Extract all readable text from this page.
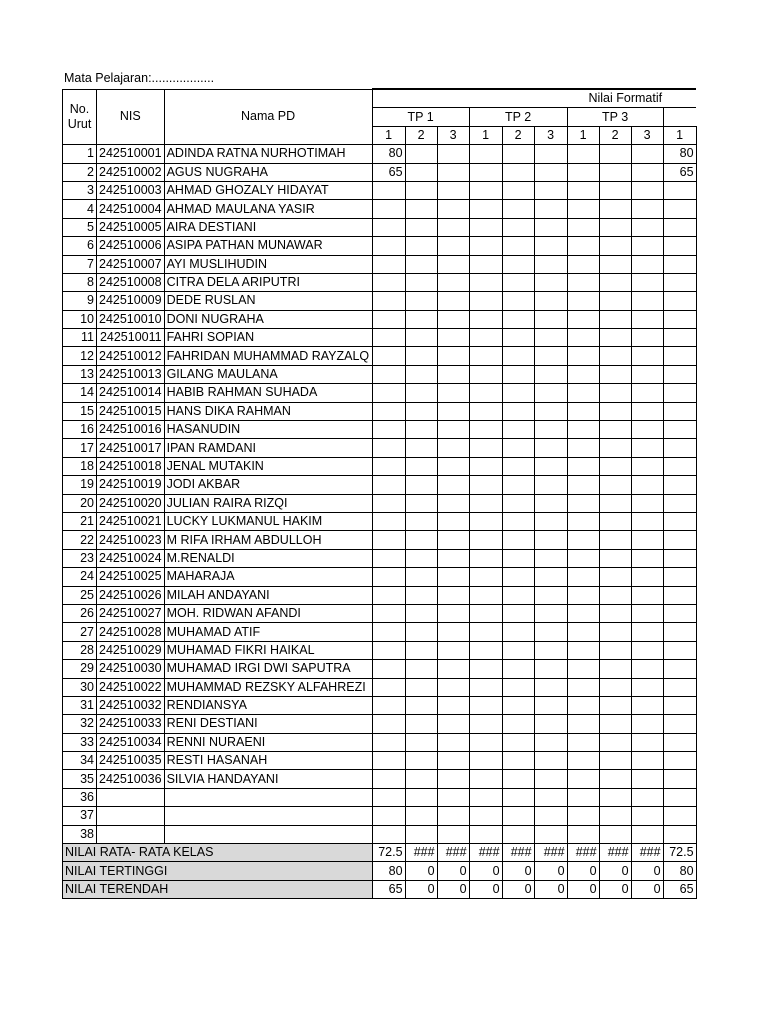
Mata Pelajaran:..................
No.
Urut	NIS	Nama PD	Nilai Formatif									
			TP 1			TP 2			TP 3			
			1	2	3	1	2	3	1	2	3	1
1	242510001	ADINDA RATNA NURHOTIMAH	80									80
2	242510002	AGUS NUGRAHA	65									65
3	242510003	AHMAD GHOZALY HIDAYAT										
4	242510004	AHMAD MAULANA YASIR										
5	242510005	AIRA DESTIANI										
6	242510006	ASIPA PATHAN MUNAWAR										
7	242510007	AYI MUSLIHUDIN										
8	242510008	CITRA DELA ARIPUTRI										
9	242510009	DEDE RUSLAN										
10	242510010	DONI NUGRAHA										
11	242510011	FAHRI SOPIAN										
12	242510012	FAHRIDAN MUHAMMAD RAYZALQ										
13	242510013	GILANG MAULANA										
14	242510014	HABIB RAHMAN SUHADA										
15	242510015	HANS DIKA RAHMAN										
16	242510016	HASANUDIN										
17	242510017	IPAN RAMDANI										
18	242510018	JENAL MUTAKIN										
19	242510019	JODI AKBAR										
20	242510020	JULIAN RAIRA RIZQI										
21	242510021	LUCKY LUKMANUL HAKIM										
22	242510023	M RIFA IRHAM ABDULLOH										
23	242510024	M.RENALDI										
24	242510025	MAHARAJA										
25	242510026	MILAH ANDAYANI										
26	242510027	MOH. RIDWAN AFANDI										
27	242510028	MUHAMAD ATIF										
28	242510029	MUHAMAD FIKRI HAIKAL										
29	242510030	MUHAMAD IRGI DWI SAPUTRA										
30	242510022	MUHAMMAD REZSKY ALFAHREZI										
31	242510032	RENDIANSYA										
32	242510033	RENI DESTIANI										
33	242510034	RENNI NURAENI										
34	242510035	RESTI HASANAH										
35	242510036	SILVIA HANDAYANI										
36												
37												
38												
NILAI RATA- RATA KELAS			72.5	###	###	###	###	###	###	###	###	72.5
NILAI TERTINGGI			80	0	0	0	0	0	0	0	0	80
NILAI TERENDAH			65	0	0	0	0	0	0	0	0	65
